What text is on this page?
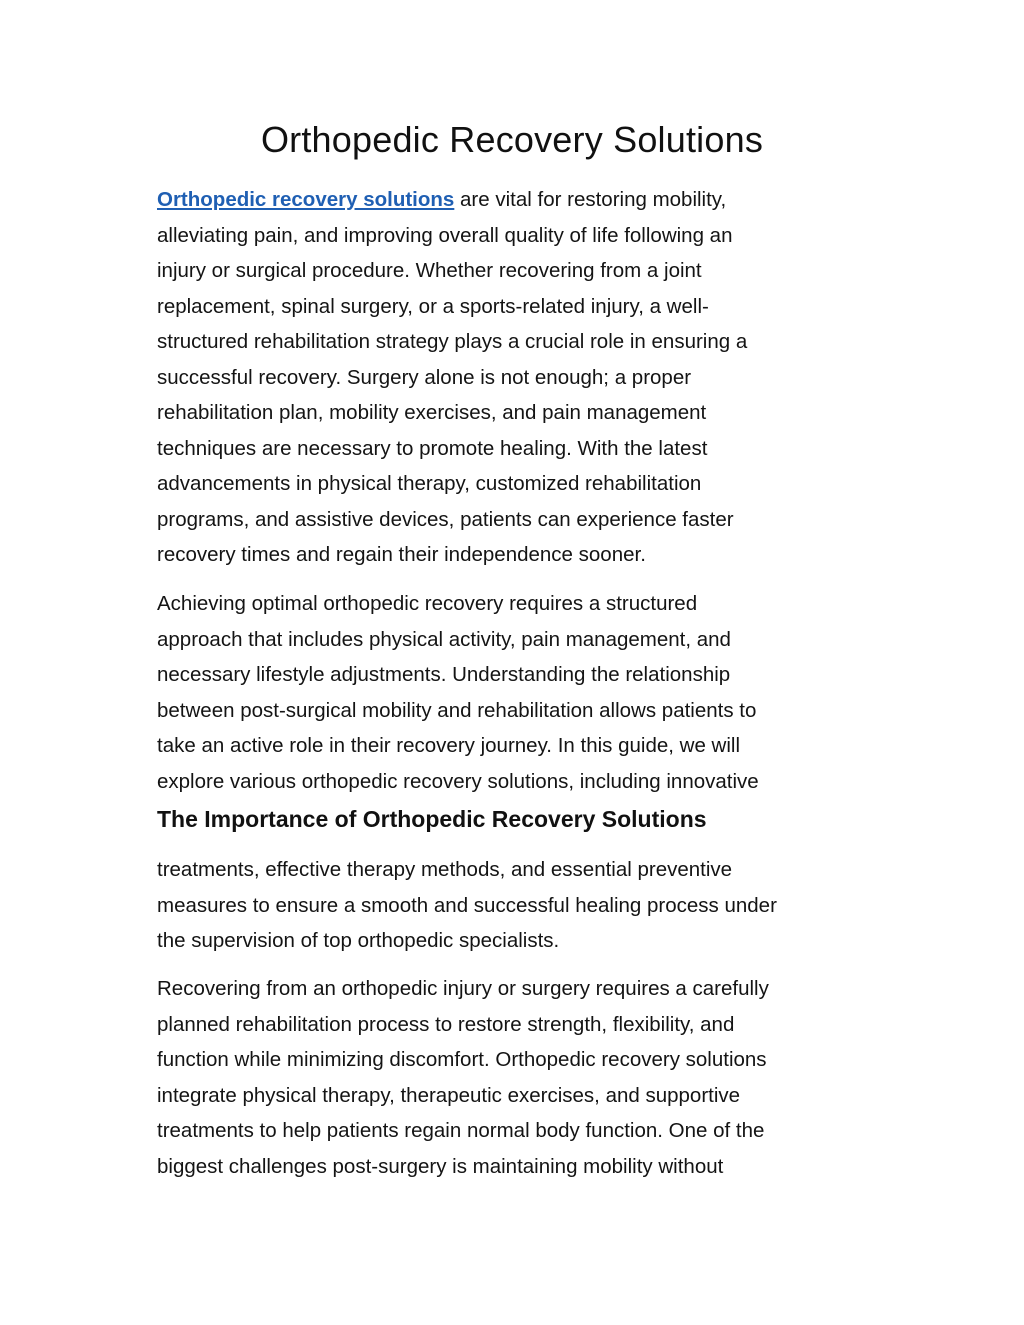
Orthopedic Recovery Solutions

Orthopedic recovery solutions are vital for restoring mobility,
alleviating pain, and improving overall quality of life following an
injury or surgical procedure. Whether recovering from a joint
replacement, spinal surgery, or a sports-related injury, a well-
structured rehabilitation strategy plays a crucial role in ensuring a
successful recovery. Surgery alone is not enough; a proper
rehabilitation plan, mobility exercises, and pain management
techniques are necessary to promote healing. With the latest
advancements in physical therapy, customized rehabilitation
programs, and assistive devices, patients can experience faster
recovery times and regain their independence sooner.

Achieving optimal orthopedic recovery requires a structured
approach that includes physical activity, pain management, and
necessary lifestyle adjustments. Understanding the relationship
between post-surgical mobility and rehabilitation allows patients to
take an active role in their recovery journey. In this guide, we will
explore various orthopedic recovery solutions, including innovative

The Importance of Orthopedic Recovery Solutions

treatments, effective therapy methods, and essential preventive
measures to ensure a smooth and successful healing process under
the supervision of top orthopedic specialists.

Recovering from an orthopedic injury or surgery requires a carefully
planned rehabilitation process to restore strength, flexibility, and
function while minimizing discomfort. Orthopedic recovery solutions
integrate physical therapy, therapeutic exercises, and supportive
treatments to help patients regain normal body function. One of the
biggest challenges post-surgery is maintaining mobility without
